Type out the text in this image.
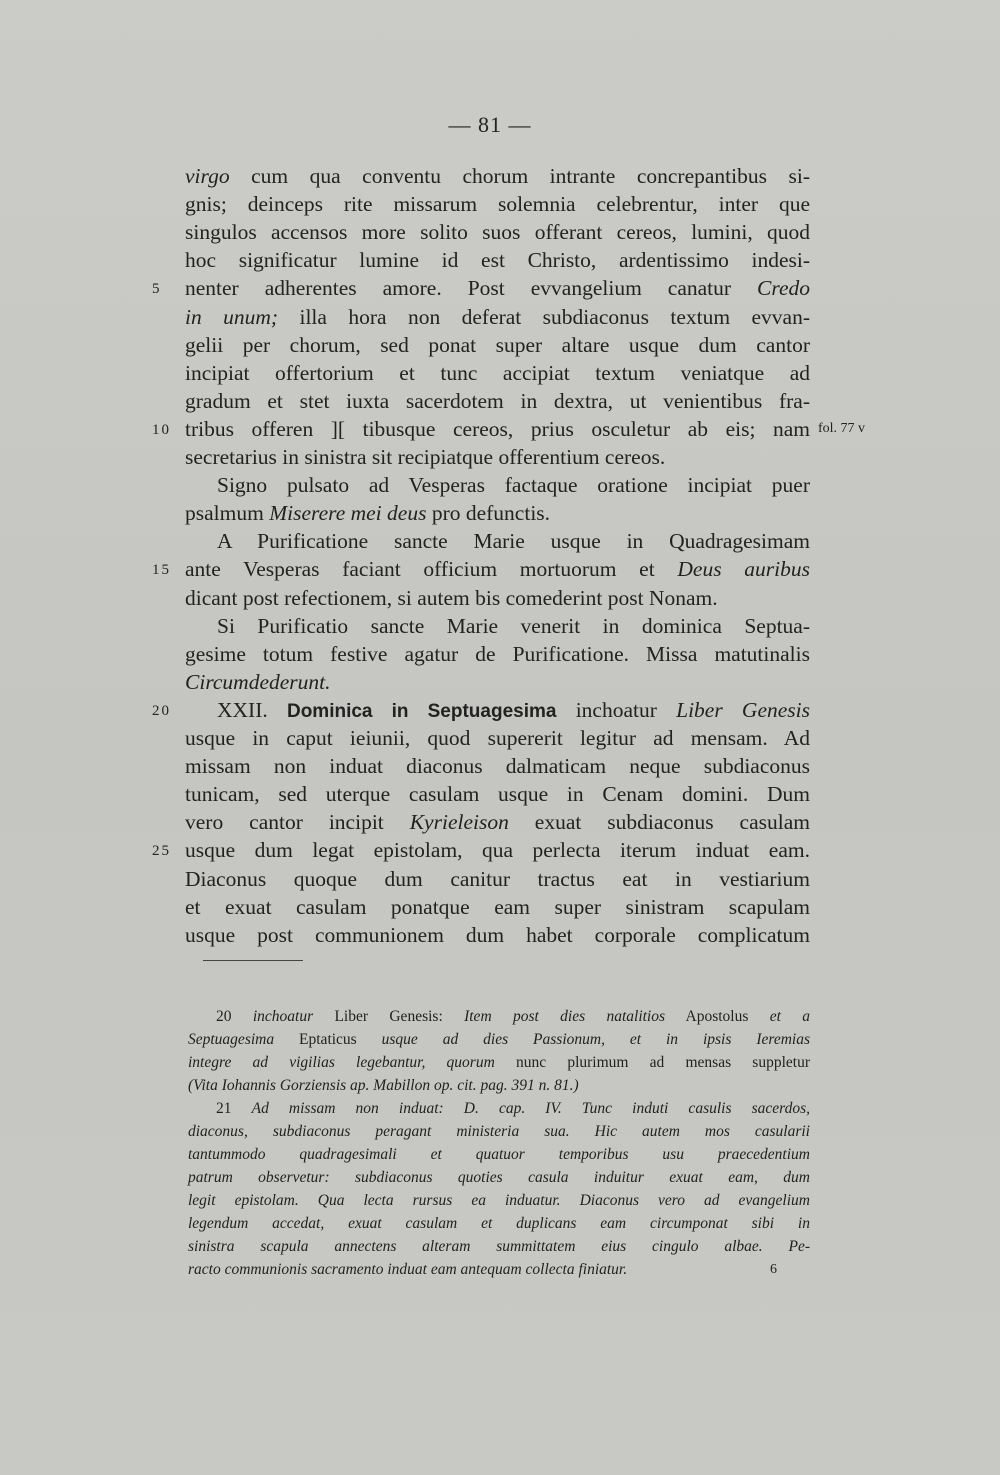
— 81 —
virgo cum qua conventu chorum intrante concrepantibus si-
gnis; deinceps rite missarum solemnia celebrentur, inter que
singulos accensos more solito suos offerant cereos, lumini, quod
hoc significatur lumine id est Christo, ardentissimo indesi-
nenter adherentes amore. Post evvangelium canatur Credo
in unum; illa hora non deferat subdiaconus textum evvan-
gelii per chorum, sed ponat super altare usque dum cantor
incipiat offertorium et tunc accipiat textum veniatque ad
gradum et stet iuxta sacerdotem in dextra, ut venientibus fra-
tribus offeren ][ tibusque cereos, prius osculetur ab eis; nam
secretarius in sinistra sit recipiatque offerentium cereos.
Signo pulsato ad Vesperas factaque oratione incipiat puer
psalmum Miserere mei deus pro defunctis.
A Purificatione sancte Marie usque in Quadragesimam
ante Vesperas faciant officium mortuorum et Deus auribus
dicant post refectionem, si autem bis comederint post Nonam.
Si Purificatio sancte Marie venerit in dominica Septua-
gesime totum festive agatur de Purificatione. Missa matutinalis
Circumdederunt.
XXII. Dominica in Septuagesima inchoatur Liber Genesis
usque in caput ieiunii, quod supererit legitur ad mensam. Ad
missam non induat diaconus dalmaticam neque subdiaconus
tunicam, sed uterque casulam usque in Cenam domini. Dum
vero cantor incipit Kyrieleison exuat subdiaconus casulam
usque dum legat epistolam, qua perlecta iterum induat eam.
Diaconus quoque dum canitur tractus eat in vestiarium
et exuat casulam ponatque eam super sinistram scapulam
usque post communionem dum habet corporale complicatum
5
10	fol. 77 v
15
20
25
20 inchoatur Liber Genesis: Item post dies natalitios Apostolus et a
Septuagesima Eptaticus usque ad dies Passionum, et in ipsis Ieremias
integre ad vigilias legebantur, quorum nunc plurimum ad mensas suppletur
(Vita Iohannis Gorziensis ap. Mabillon op. cit. pag. 391 n. 81.)
21 Ad missam non induat: D. cap. IV. Tunc induti casulis sacerdos,
diaconus, subdiaconus peragant ministeria sua. Hic autem mos casularii
tantummodo quadragesimali et quatuor temporibus usu praecedentium
patrum observetur: subdiaconus quoties casula induitur exuat eam, dum
legit epistolam. Qua lecta rursus ea induatur. Diaconus vero ad evangelium
legendum accedat, exuat casulam et duplicans eam circumponat sibi in
sinistra scapula annectens alteram summittatem eius cingulo albae. Pe-
racto communionis sacramento induat eam antequam collecta finiatur.	6
